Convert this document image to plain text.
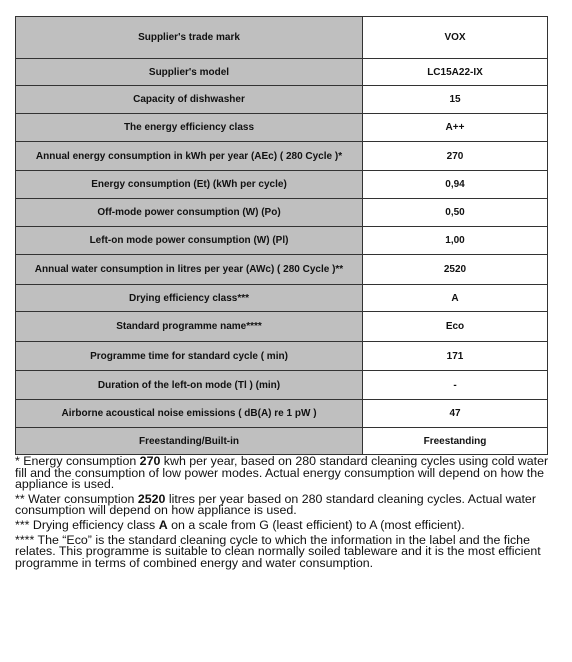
Supplier's trade mark	VOX
Supplier's model	LC15A22-IX
Capacity of dishwasher	15
The energy efficiency class	A++
Annual energy consumption in kWh per year (AEc) ( 280 Cycle )*	270
Energy consumption (Et) (kWh per cycle)	0,94
Off-mode power consumption (W) (Po)	0,50
Left-on mode power consumption (W) (Pl)	1,00
Annual water consumption in litres per year (AWc) ( 280 Cycle )**	2520
Drying efficiency class***	A
Standard programme name****	Eco
Programme time for standard cycle ( min)	171
Duration of the left-on mode (Tl ) (min)	-
Airborne acoustical noise emissions ( dB(A) re 1 pW )	47
Freestanding/Built-in	Freestanding

* Energy consumption 270 kwh per year, based on 280 standard cleaning cycles using cold water fill and the consumption of low power modes. Actual energy consumption will depend on how the appliance is used.

** Water consumption 2520 litres per year based on 280 standard cleaning cycles. Actual water consumption will depend on how appliance is used.

*** Drying efficiency class A on a scale from G (least efficient) to A (most efficient).

**** The “Eco” is the standard cleaning cycle to which the information in the label and the fiche relates. This programme is suitable to clean normally soiled tableware and it is the most efficient programme in terms of combined energy and water consumption.
